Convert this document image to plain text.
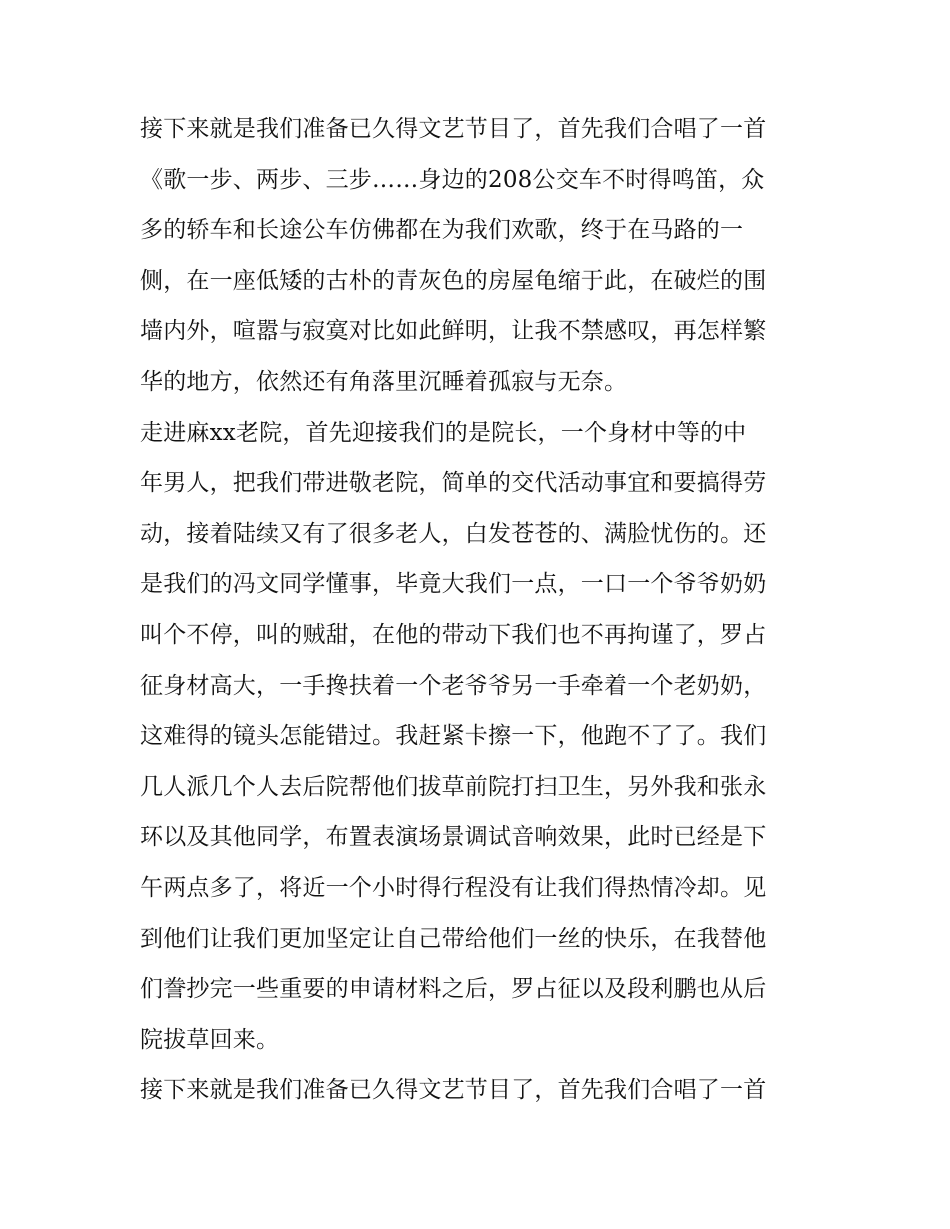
接下来就是我们准备已久得文艺节目了，首先我们合唱了一首
《歌一步、两步、三步……身边的208公交车不时得鸣笛，众
多的轿车和长途公车仿佛都在为我们欢歌，终于在马路的一
侧，在一座低矮的古朴的青灰色的房屋龟缩于此，在破烂的围
墙内外，喧嚣与寂寞对比如此鲜明，让我不禁感叹，再怎样繁
华的地方，依然还有角落里沉睡着孤寂与无奈。
走进麻xx老院，首先迎接我们的是院长，一个身材中等的中
年男人，把我们带进敬老院，简单的交代活动事宜和要搞得劳
动，接着陆续又有了很多老人，白发苍苍的、满脸忧伤的。还
是我们的冯文同学懂事，毕竟大我们一点，一口一个爷爷奶奶
叫个不停，叫的贼甜，在他的带动下我们也不再拘谨了，罗占
征身材高大，一手搀扶着一个老爷爷另一手牵着一个老奶奶，
这难得的镜头怎能错过。我赶紧卡擦一下，他跑不了了。我们
几人派几个人去后院帮他们拔草前院打扫卫生，另外我和张永
环以及其他同学，布置表演场景调试音响效果，此时已经是下
午两点多了，将近一个小时得行程没有让我们得热情冷却。见
到他们让我们更加坚定让自己带给他们一丝的快乐，在我替他
们誊抄完一些重要的申请材料之后，罗占征以及段利鹏也从后
院拔草回来。
接下来就是我们准备已久得文艺节目了，首先我们合唱了一首
